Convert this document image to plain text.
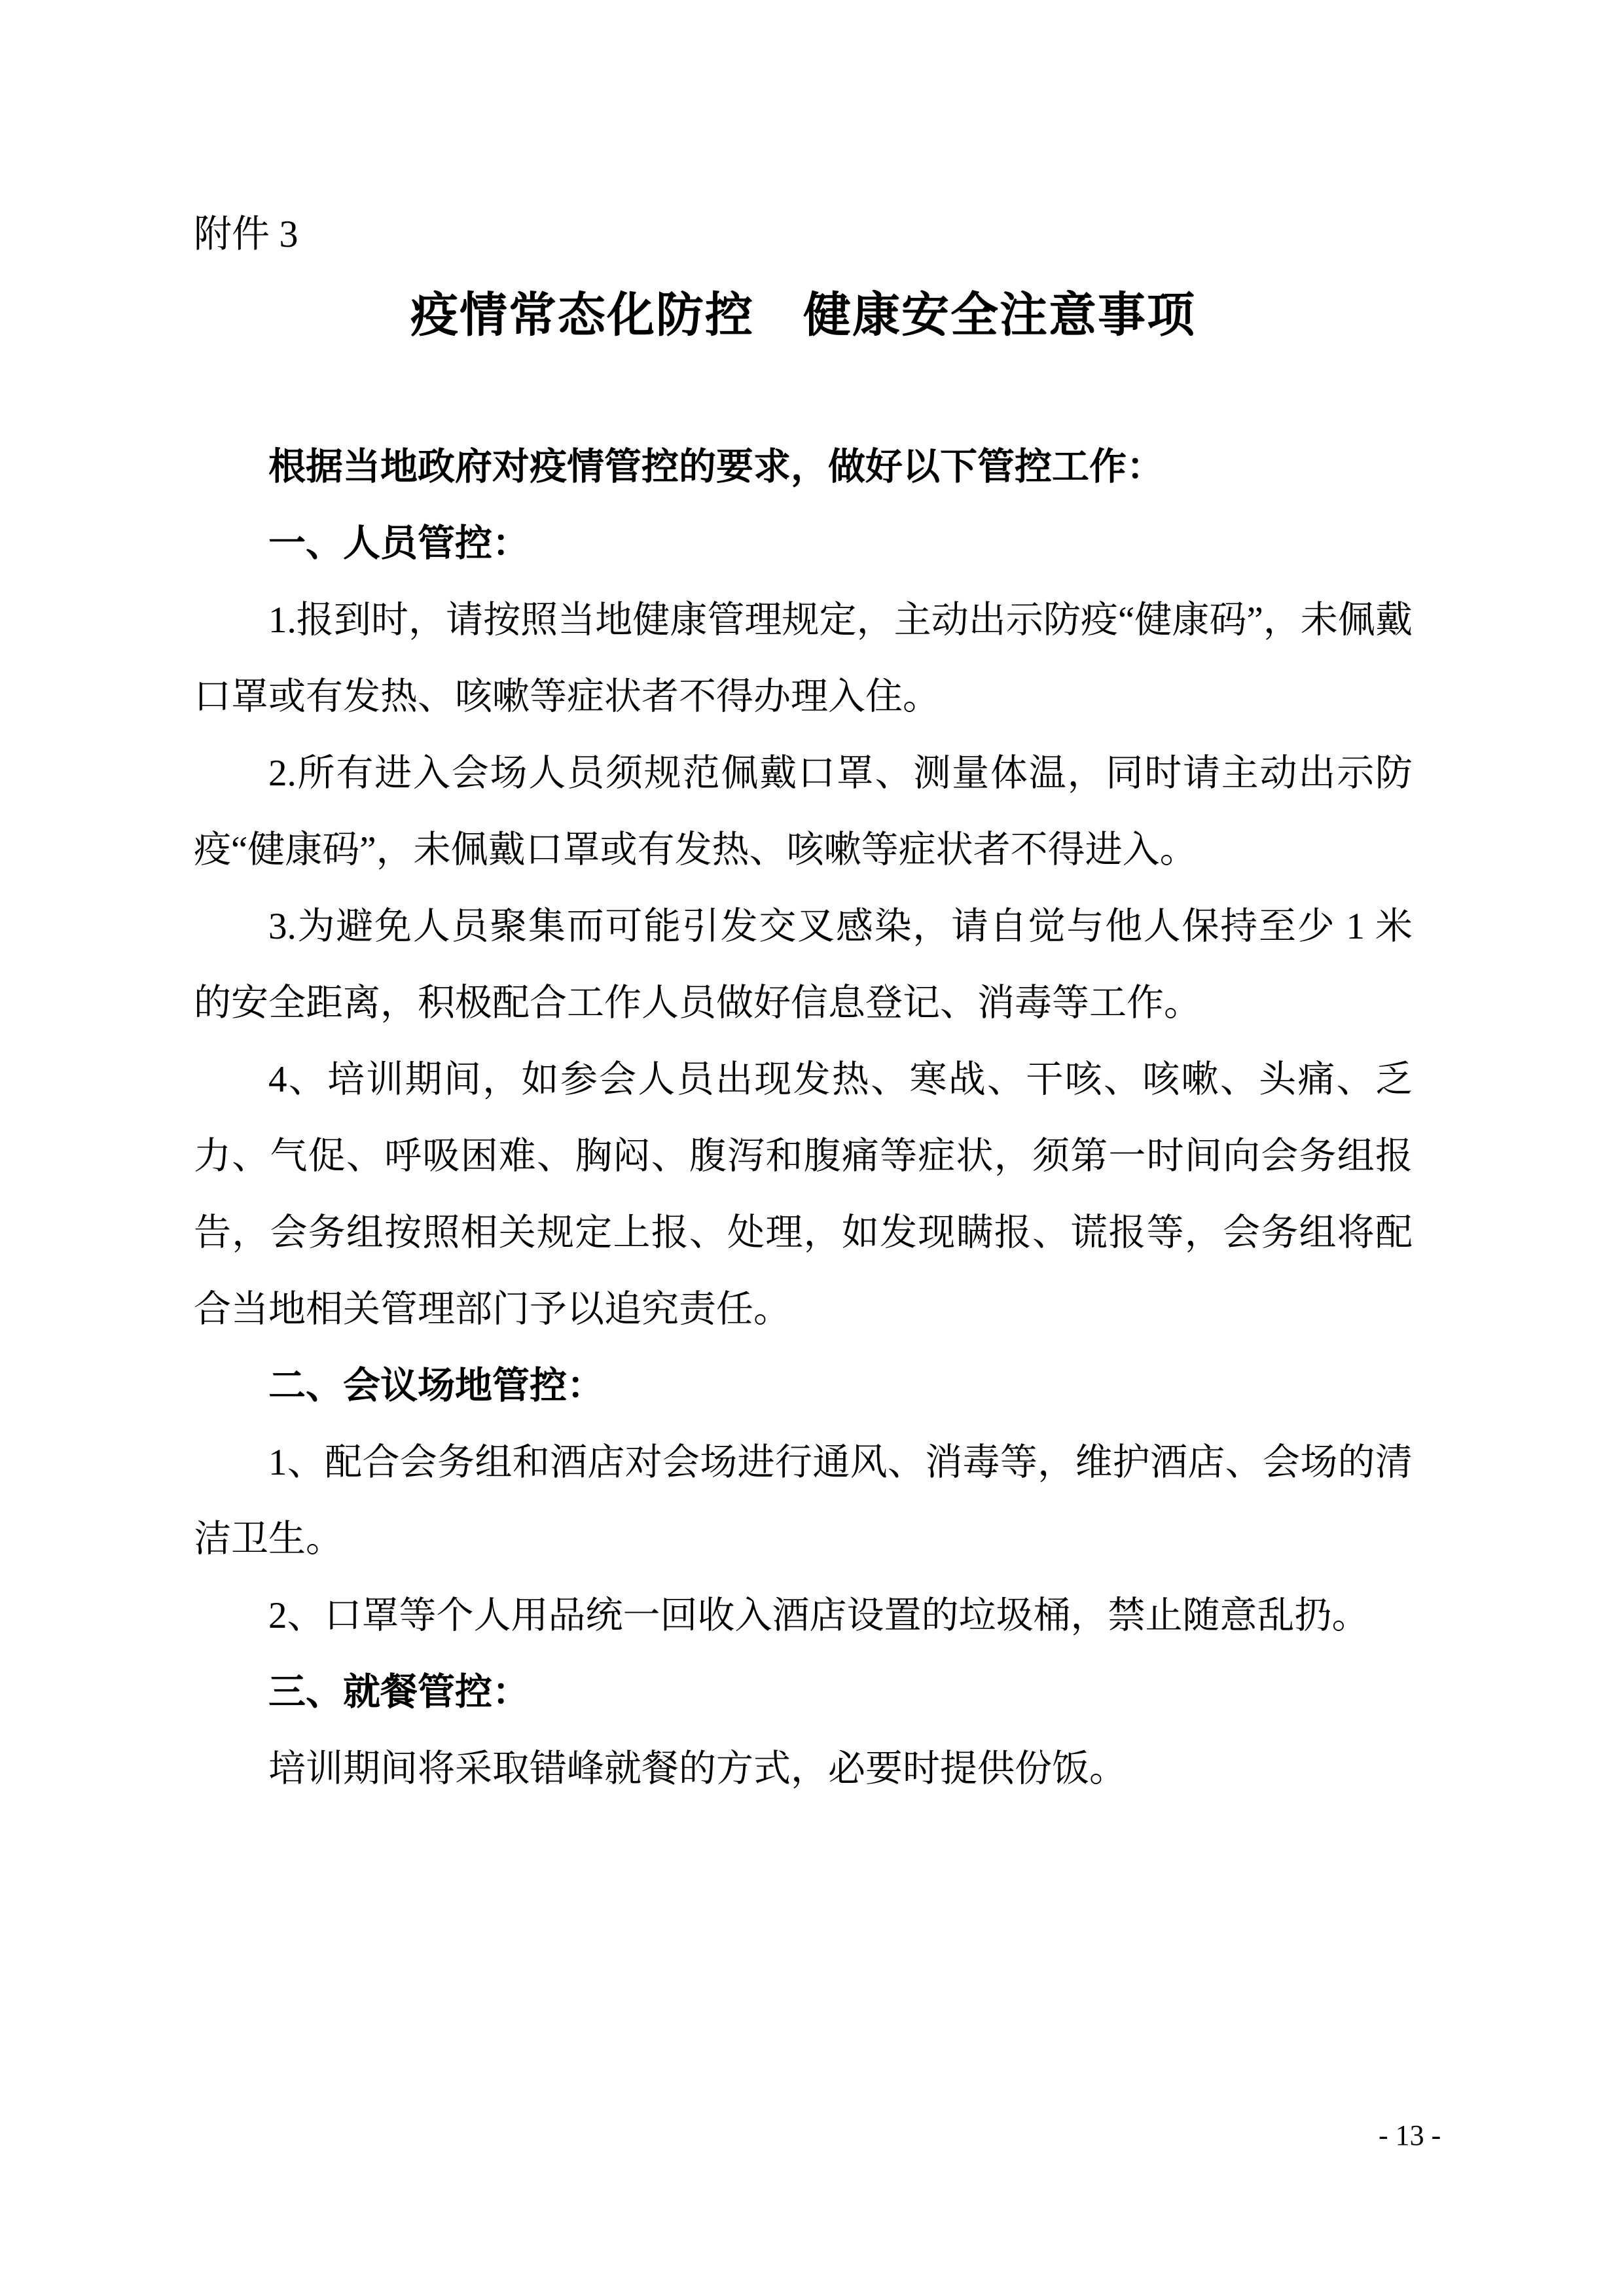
附件 3
疫情常态化防控　健康安全注意事项

根据当地政府对疫情管控的要求，做好以下管控工作：

一、人员管控：

1.报到时，请按照当地健康管理规定，主动出示防疫“健康码”，未佩戴口罩或有发热、咳嗽等症状者不得办理入住。

2.所有进入会场人员须规范佩戴口罩、测量体温，同时请主动出示防疫“健康码”，未佩戴口罩或有发热、咳嗽等症状者不得进入。

3.为避免人员聚集而可能引发交叉感染，请自觉与他人保持至少 1 米的安全距离，积极配合工作人员做好信息登记、消毒等工作。

4、培训期间，如参会人员出现发热、寒战、干咳、咳嗽、头痛、乏力、气促、呼吸困难、胸闷、腹泻和腹痛等症状，须第一时间向会务组报告，会务组按照相关规定上报、处理，如发现瞒报、谎报等，会务组将配合当地相关管理部门予以追究责任。

二、会议场地管控：

1、配合会务组和酒店对会场进行通风、消毒等，维护酒店、会场的清洁卫生。

2、口罩等个人用品统一回收入酒店设置的垃圾桶，禁止随意乱扔。

三、就餐管控：

培训期间将采取错峰就餐的方式，必要时提供份饭。

- 13 -
